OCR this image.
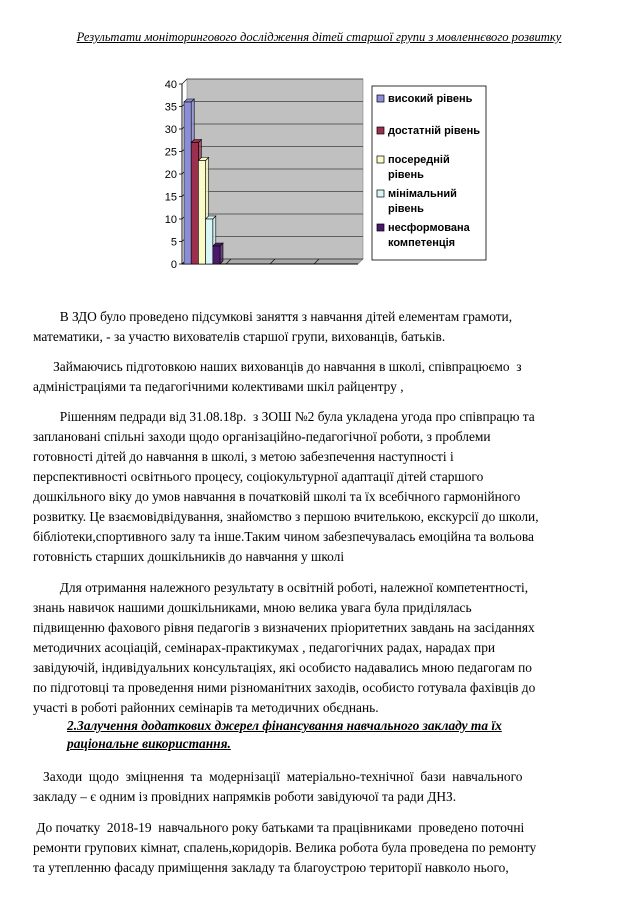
Результати моніторингового дослідження дітей старшої групи з мовленнєвого розвитку
0
5
10
15
20
25
30
35
40
високий рівень
достатній рівень
посередній
рівень
мінімальний
рівень
несформована
компетенція
В ЗДО було проведено підсумкові заняття з навчання дітей елементам грамоти,
математики, - за участю вихователів старшої групи, вихованців, батьків.
Займаючись підготовкою наших вихованців до навчання в школі, співпрацюємо  з
адміністраціями та педагогічними колективами шкіл райцентру ,
Рішенням педради від 31.08.18р.  з ЗОШ №2 була укладена угода про співпрацю та
заплановані спільні заходи щодо організаційно-педагогічної роботи, з проблеми
готовності дітей до навчання в школі, з метою забезпечення наступності і
перспективності освітнього процесу, соціокультурної адаптації дітей старшого
дошкільного віку до умов навчання в початковій школі та їх всебічного гармонійного
розвитку. Це взаємовідвідування, знайомство з першою вчителькою, екскурсії до школи,
бібліотеки,спортивного залу та інше.Таким чином забезпечувалась емоційна та вольова
готовність старших дошкільників до навчання у школі
Для отримання належного результату в освітній роботі, належної компетентності,
знань навичок нашими дошкільниками, мною велика увага була приділялась
підвищенню фахового рівня педагогів з визначених пріоритетних завдань на засіданнях
методичних асоціацій, семінарах-практикумах , педагогічних радах, нарадах при
завідуючій, індивідуальних консультаціях, які особисто надавались мною педагогам по
по підготовці та проведення ними різноманітних заходів, особисто готувала фахівців до
участі в роботі районних семінарів та методичних обєднань.
2.Залучення додаткових джерел фінансування навчального закладу та їх
раціональне використання.
Заходи  щодо  зміцнення  та  модернізації  матеріально-технічної  бази  навчального
закладу – є одним із провідних напрямків роботи завідуючої та ради ДНЗ.
До початку  2018-19  навчального року батьками та працівниками  проведено поточні
ремонти групових кімнат, спалень,коридорів. Велика робота була проведена по ремонту
та утепленню фасаду приміщення закладу та благоустрою території навколо нього,
